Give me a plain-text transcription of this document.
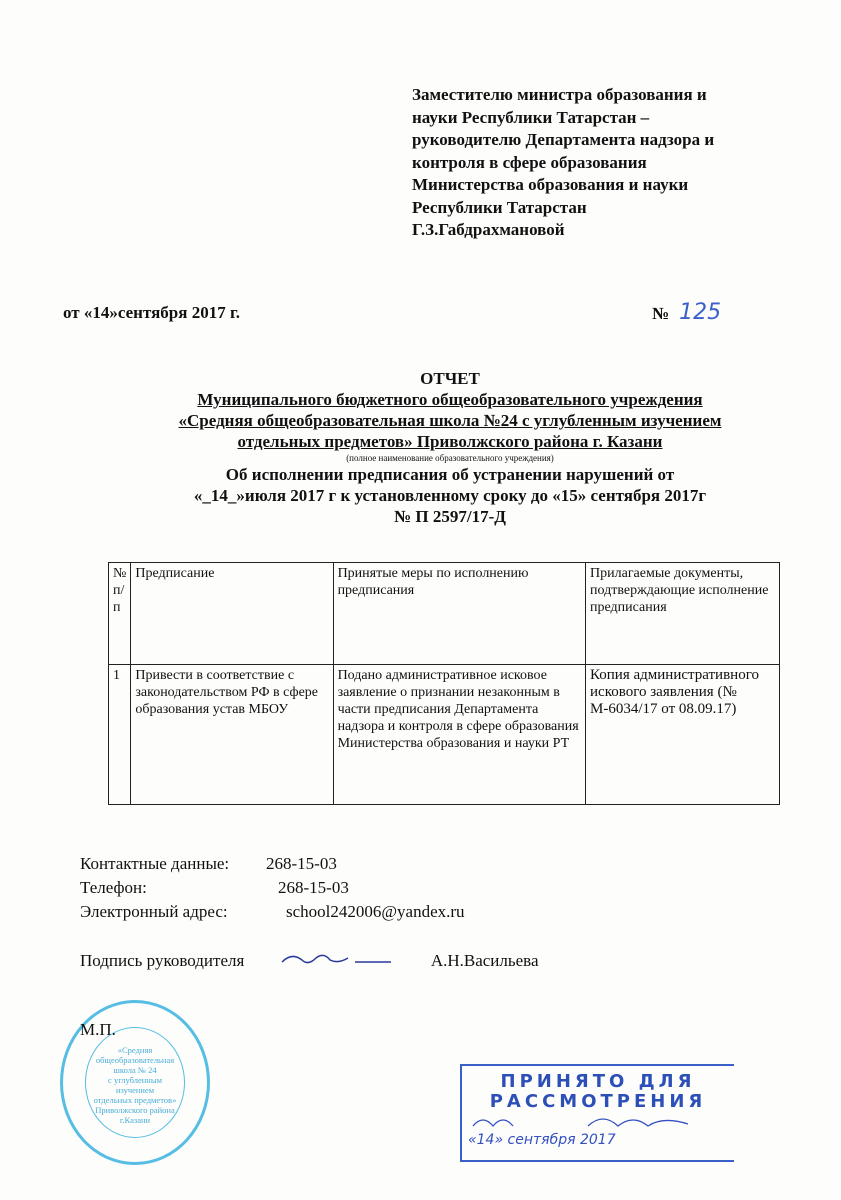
Заместителю министра образования и
науки Республики Татарстан –
руководителю Департамента надзора и
контроля в сфере образования
Министерства образования и науки
Республики Татарстан
Г.З.Габдрахмановой
от «14»сентября 2017 г.	№ 125
ОТЧЕТ
Муниципального бюджетного общеобразовательного учреждения
«Средняя общеобразовательная школа №24 с углубленным изучением
отдельных предметов» Приволжского района г. Казани
(полное наименование образовательного учреждения)
Об исполнении предписания об устранении нарушений от
«_14_»июля 2017 г к установленному сроку до «15» сентября 2017г
№ П 2597/17-Д
№ п/п	Предписание	Принятые меры по исполнению предписания	Прилагаемые документы, подтверждающие исполнение предписания
1	Привести в соответствие с законодательством РФ в сфере образования устав МБОУ	Подано административное исковое заявление о признании незаконным в части предписания Департамента надзора и контроля в сфере образования Министерства образования и науки РТ	Копия административного искового заявления (№ М-6034/17 от 08.09.17)
Контактные данные: 268-15-03
Телефон:	268-15-03
Электронный адрес:	school242006@yandex.ru
Подпись руководителя	А.Н.Васильева
«Средняя
общеобразовательная
школа № 24
с углубленным
изучением
отдельных предметов»
Приволжского района
г.Казани
М.П.
ПРИНЯТО ДЛЯ
РАССМОТРЕНИЯ
«14» сентября 2017
